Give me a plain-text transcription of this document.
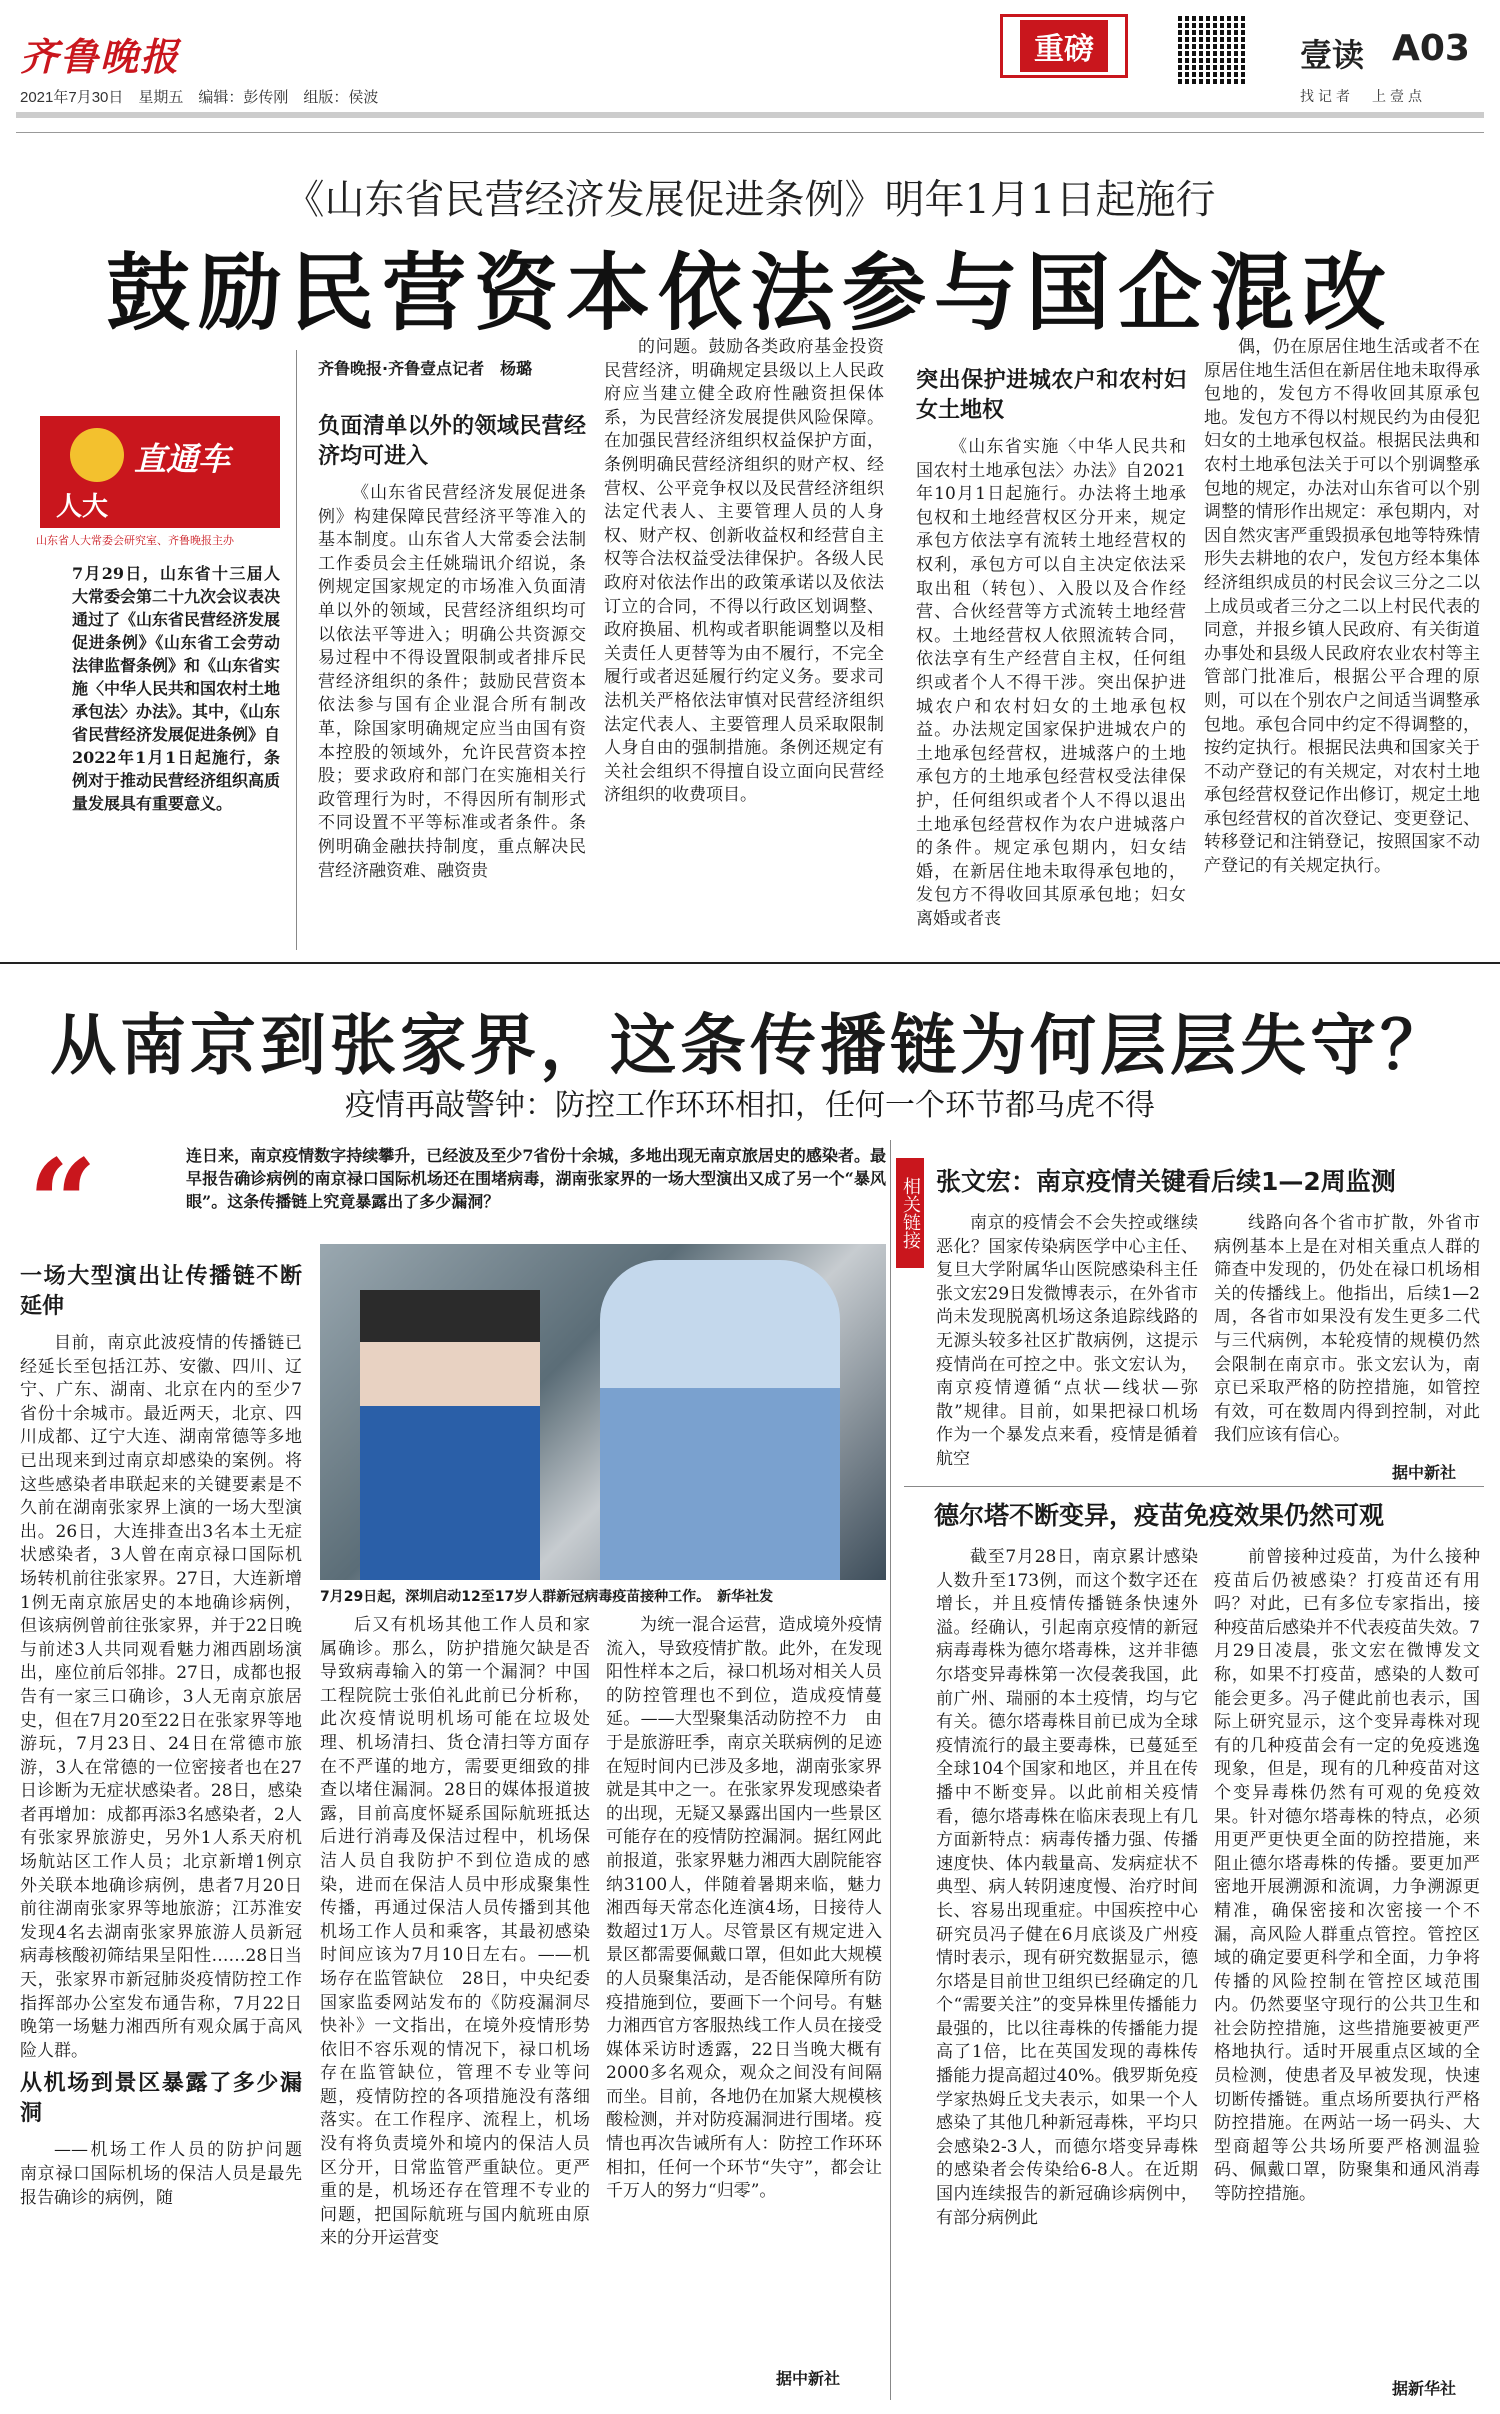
齐鲁晚报
2021年7月30日　星期五　编辑：彭传刚　组版：侯波
重磅	壹读 A03
找记者　上壹点
《山东省民营经济发展促进条例》明年1月1日起施行
鼓励民营资本依法参与国企混改
人大
直通车
山东省人大常委会研究室、齐鲁晚报主办
7月29日，山东省十三届人大常委会第二十九次会议表决通过了《山东省民营经济发展促进条例》《山东省工会劳动法律监督条例》和《山东省实施〈中华人民共和国农村土地承包法〉办法》。其中，《山东省民营经济发展促进条例》自2022年1月1日起施行，条例对于推动民营经济组织高质量发展具有重要意义。
齐鲁晚报·齐鲁壹点记者　杨璐
负面清单以外的领域民营经济均可进入

《山东省民营经济发展促进条例》构建保障民营经济平等准入的基本制度。山东省人大常委会法制工作委员会主任姚瑞讯介绍说，条例规定国家规定的市场准入负面清单以外的领域，民营经济组织均可以依法平等进入；明确公共资源交易过程中不得设置限制或者排斥民营经济组织的条件；鼓励民营资本依法参与国有企业混合所有制改革，除国家明确规定应当由国有资本控股的领域外，允许民营资本控股；要求政府和部门在实施相关行政管理行为时，不得因所有制形式不同设置不平等标准或者条件。条例明确金融扶持制度，重点解决民营经济融资难、融资贵

的问题。鼓励各类政府基金投资民营经济，明确规定县级以上人民政府应当建立健全政府性融资担保体系，为民营经济发展提供风险保障。在加强民营经济组织权益保护方面，条例明确民营经济组织的财产权、经营权、公平竞争权以及民营经济组织法定代表人、主要管理人员的人身权、财产权、创新收益权和经营自主权等合法权益受法律保护。各级人民政府对依法作出的政策承诺以及依法订立的合同，不得以行政区划调整、政府换届、机构或者职能调整以及相关责任人更替等为由不履行，不完全履行或者迟延履行约定义务。要求司法机关严格依法审慎对民营经济组织法定代表人、主要管理人员采取限制人身自由的强制措施。条例还规定有关社会组织不得擅自设立面向民营经济组织的收费项目。

突出保护进城农户和农村妇女土地权

《山东省实施〈中华人民共和国农村土地承包法〉办法》自2021年10月1日起施行。办法将土地承包权和土地经营权区分开来，规定承包方依法享有流转土地经营权的权利，承包方可以自主决定依法采取出租（转包）、入股以及合作经营、合伙经营等方式流转土地经营权。土地经营权人依照流转合同，依法享有生产经营自主权，任何组织或者个人不得干涉。突出保护进城农户和农村妇女的土地承包权益。办法规定国家保护进城农户的土地承包经营权，进城落户的土地承包方的土地承包经营权受法律保护，任何组织或者个人不得以退出土地承包经营权作为农户进城落户的条件。规定承包期内，妇女结婚，在新居住地未取得承包地的，发包方不得收回其原承包地；妇女离婚或者丧

偶，仍在原居住地生活或者不在原居住地生活但在新居住地未取得承包地的，发包方不得收回其原承包地。发包方不得以村规民约为由侵犯妇女的土地承包权益。根据民法典和农村土地承包法关于可以个别调整承包地的规定，办法对山东省可以个别调整的情形作出规定：承包期内，对因自然灾害严重毁损承包地等特殊情形失去耕地的农户，发包方经本集体经济组织成员的村民会议三分之二以上成员或者三分之二以上村民代表的同意，并报乡镇人民政府、有关街道办事处和县级人民政府农业农村等主管部门批准后，根据公平合理的原则，可以在个别农户之间适当调整承包地。承包合同中约定不得调整的，按约定执行。根据民法典和国家关于不动产登记的有关规定，对农村土地承包经营权登记作出修订，规定土地承包经营权的首次登记、变更登记、转移登记和注销登记，按照国家不动产登记的有关规定执行。

从南京到张家界，这条传播链为何层层失守？
疫情再敲警钟：防控工作环环相扣，任何一个环节都马虎不得
“	连日来，南京疫情数字持续攀升，已经波及至少7省份十余城，多地出现无南京旅居史的感染者。最早报告确诊病例的南京禄口国际机场还在围堵病毒，湖南张家界的一场大型演出又成了另一个“暴风眼”。这条传播链上究竟暴露出了多少漏洞？
一场大型演出让传播链不断延伸

目前，南京此波疫情的传播链已经延长至包括江苏、安徽、四川、辽宁、广东、湖南、北京在内的至少7省份十余城市。最近两天，北京、四川成都、辽宁大连、湖南常德等多地已出现来到过南京却感染的案例。将这些感染者串联起来的关键要素是不久前在湖南张家界上演的一场大型演出。26日，大连排查出3名本土无症状感染者，3人曾在南京禄口国际机场转机前往张家界。27日，大连新增1例无南京旅居史的本地确诊病例，但该病例曾前往张家界，并于22日晚与前述3人共同观看魅力湘西剧场演出，座位前后邻排。27日，成都也报告有一家三口确诊，3人无南京旅居史，但在7月20至22日在张家界等地游玩，7月23日、24日在常德市旅游，3人在常德的一位密接者也在27日诊断为无症状感染者。28日，感染者再增加：成都再添3名感染者，2人有张家界旅游史，另外1人系天府机场航站区工作人员；北京新增1例京外关联本地确诊病例，患者7月20日前往湖南张家界等地旅游；江苏淮安发现4名去湖南张家界旅游人员新冠病毒核酸初筛结果呈阳性……28日当天，张家界市新冠肺炎疫情防控工作指挥部办公室发布通告称，7月22日晚第一场魅力湘西所有观众属于高风险人群。

从机场到景区暴露了多少漏洞

——机场工作人员的防护问题　南京禄口国际机场的保洁人员是最先报告确诊的病例，随

7月29日起，深圳启动12至17岁人群新冠病毒疫苗接种工作。　新华社发

后又有机场其他工作人员和家属确诊。那么，防护措施欠缺是否导致病毒输入的第一个漏洞？中国工程院院士张伯礼此前已分析称，此次疫情说明机场可能在垃圾处理、机场清扫、货仓清扫等方面存在不严谨的地方，需要更细致的排查以堵住漏洞。28日的媒体报道披露，目前高度怀疑系国际航班抵达后进行消毒及保洁过程中，机场保洁人员自我防护不到位造成的感染，进而在保洁人员中形成聚集性传播，再通过保洁人员传播到其他机场工作人员和乘客，其最初感染时间应该为7月10日左右。——机场存在监管缺位　28日，中央纪委国家监委网站发布的《防疫漏洞尽快补》一文指出，在境外疫情形势依旧不容乐观的情况下，禄口机场存在监管缺位，管理不专业等问题，疫情防控的各项措施没有落细落实。在工作程序、流程上，机场没有将负责境外和境内的保洁人员区分开，日常监管严重缺位。更严重的是，机场还存在管理不专业的问题，把国际航班与国内航班由原来的分开运营变

为统一混合运营，造成境外疫情流入，导致疫情扩散。此外，在发现阳性样本之后，禄口机场对相关人员的防控管理也不到位，造成疫情蔓延。——大型聚集活动防控不力　由于是旅游旺季，南京关联病例的足迹在短时间内已涉及多地，湖南张家界就是其中之一。在张家界发现感染者的出现，无疑又暴露出国内一些景区可能存在的疫情防控漏洞。据红网此前报道，张家界魅力湘西大剧院能容纳3100人，伴随着暑期来临，魅力湘西每天常态化连演4场，日接待人数超过1万人。尽管景区有规定进入景区都需要佩戴口罩，但如此大规模的人员聚集活动，是否能保障所有防疫措施到位，要画下一个问号。有魅力湘西官方客服热线工作人员在接受媒体采访时透露，22日当晚大概有2000多名观众，观众之间没有间隔而坐。目前，各地仍在加紧大规模核酸检测，并对防疫漏洞进行围堵。疫情也再次告诫所有人：防控工作环环相扣，任何一个环节“失守”，都会让千万人的努力“归零”。

据中新社
相关链接 张文宏：南京疫情关键看后续1—2周监测

南京的疫情会不会失控或继续恶化？国家传染病医学中心主任、复旦大学附属华山医院感染科主任张文宏29日发微博表示，在外省市尚未发现脱离机场这条追踪线路的无源头较多社区扩散病例，这提示疫情尚在可控之中。张文宏认为，南京疫情遵循“点状—线状—弥散”规律。目前，如果把禄口机场作为一个暴发点来看，疫情是循着航空

线路向各个省市扩散，外省市病例基本上是在对相关重点人群的筛查中发现的，仍处在禄口机场相关的传播线上。他指出，后续1—2周，各省市如果没有发生更多二代与三代病例，本轮疫情的规模仍然会限制在南京市。张文宏认为，南京已采取严格的防控措施，如管控有效，可在数周内得到控制，对此我们应该有信心。

据中新社
德尔塔不断变异，疫苗免疫效果仍然可观

截至7月28日，南京累计感染人数升至173例，而这个数字还在增长，并且疫情传播链条快速外溢。经确认，引起南京疫情的新冠病毒毒株为德尔塔毒株，这并非德尔塔变异毒株第一次侵袭我国，此前广州、瑞丽的本土疫情，均与它有关。德尔塔毒株目前已成为全球疫情流行的最主要毒株，已蔓延至全球104个国家和地区，并且在传播中不断变异。以此前相关疫情看，德尔塔毒株在临床表现上有几方面新特点：病毒传播力强、传播速度快、体内载量高、发病症状不典型、病人转阴速度慢、治疗时间长、容易出现重症。中国疾控中心研究员冯子健在6月底谈及广州疫情时表示，现有研究数据显示，德尔塔是目前世卫组织已经确定的几个“需要关注”的变异株里传播能力最强的，比以往毒株的传播能力提高了1倍，比在英国发现的毒株传播能力提高超过40%。俄罗斯免疫学家热姆丘戈夫表示，如果一个人感染了其他几种新冠毒株，平均只会感染2-3人，而德尔塔变异毒株的感染者会传染给6-8人。在近期国内连续报告的新冠确诊病例中，有部分病例此

前曾接种过疫苗，为什么接种疫苗后仍被感染？打疫苗还有用吗？对此，已有多位专家指出，接种疫苗后感染并不代表疫苗失效。7月29日凌晨，张文宏在微博发文称，如果不打疫苗，感染的人数可能会更多。冯子健此前也表示，国际上研究显示，这个变异毒株对现有的几种疫苗会有一定的免疫逃逸现象，但是，现有的几种疫苗对这个变异毒株仍然有可观的免疫效果。针对德尔塔毒株的特点，必须用更严更快更全面的防控措施，来阻止德尔塔毒株的传播。要更加严密地开展溯源和流调，力争溯源更精准，确保密接和次密接一个不漏，高风险人群重点管控。管控区域的确定要更科学和全面，力争将传播的风险控制在管控区域范围内。仍然要坚守现行的公共卫生和社会防控措施，这些措施要被更严格地执行。适时开展重点区域的全员检测，使患者及早被发现，快速切断传播链。重点场所要执行严格防控措施。在两站一场一码头、大型商超等公共场所要严格测温验码、佩戴口罩，防聚集和通风消毒等防控措施。

据新华社
